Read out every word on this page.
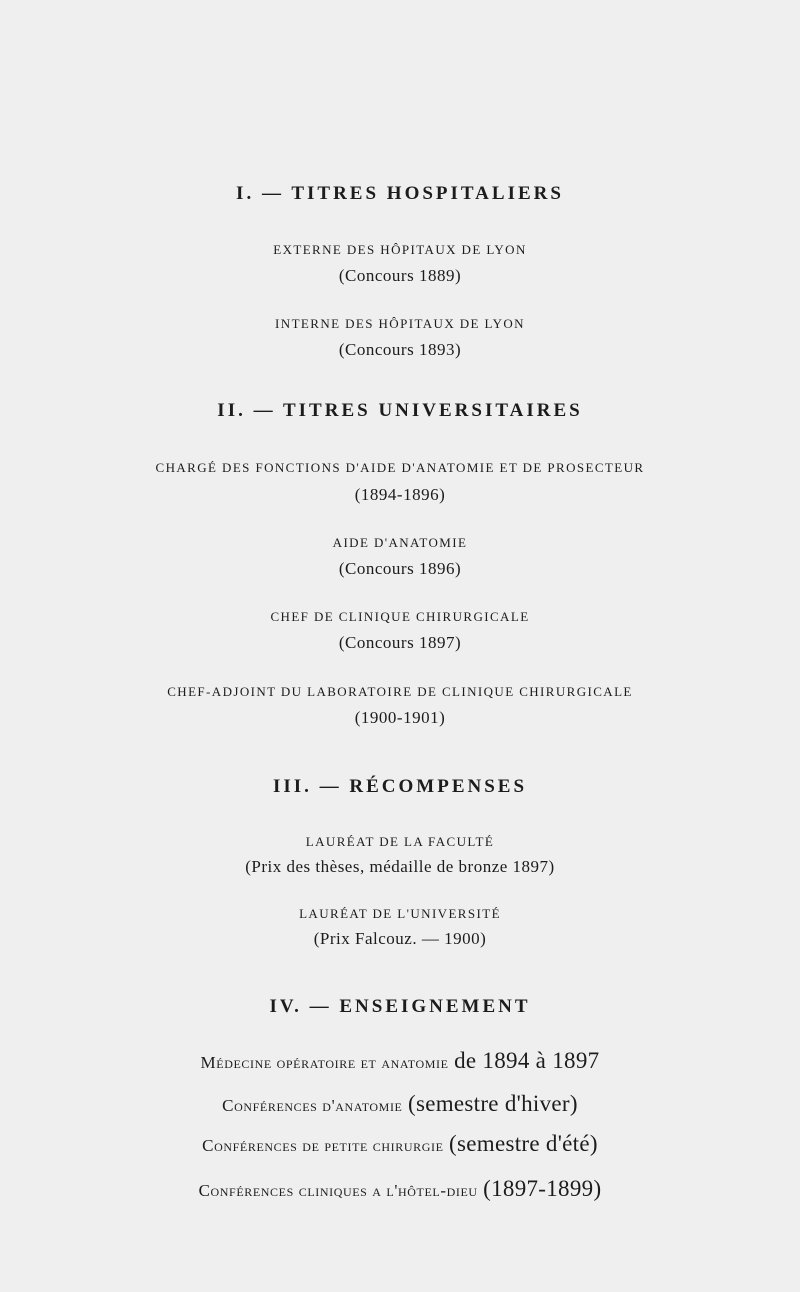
I. — TITRES HOSPITALIERS
EXTERNE DES HÔPITAUX DE LYON
(Concours 1889)
INTERNE DES HÔPITAUX DE LYON
(Concours 1893)
II. — TITRES UNIVERSITAIRES
CHARGÉ DES FONCTIONS D'AIDE D'ANATOMIE ET DE PROSECTEUR
(1894-1896)
AIDE D'ANATOMIE
(Concours 1896)
CHEF DE CLINIQUE CHIRURGICALE
(Concours 1897)
CHEF-ADJOINT DU LABORATOIRE DE CLINIQUE CHIRURGICALE
(1900-1901)
III. — RÉCOMPENSES
LAURÉAT DE LA FACULTÉ
(Prix des thèses, médaille de bronze 1897)
LAURÉAT DE L'UNIVERSITÉ
(Prix Falcouz. — 1900)
IV. — ENSEIGNEMENT
Médecine opératoire et anatomie de 1894 à 1897
Conférences d'anatomie (semestre d'hiver)
Conférences de petite chirurgie (semestre d'été)
Conférences cliniques a l'hôtel-dieu (1897-1899)
